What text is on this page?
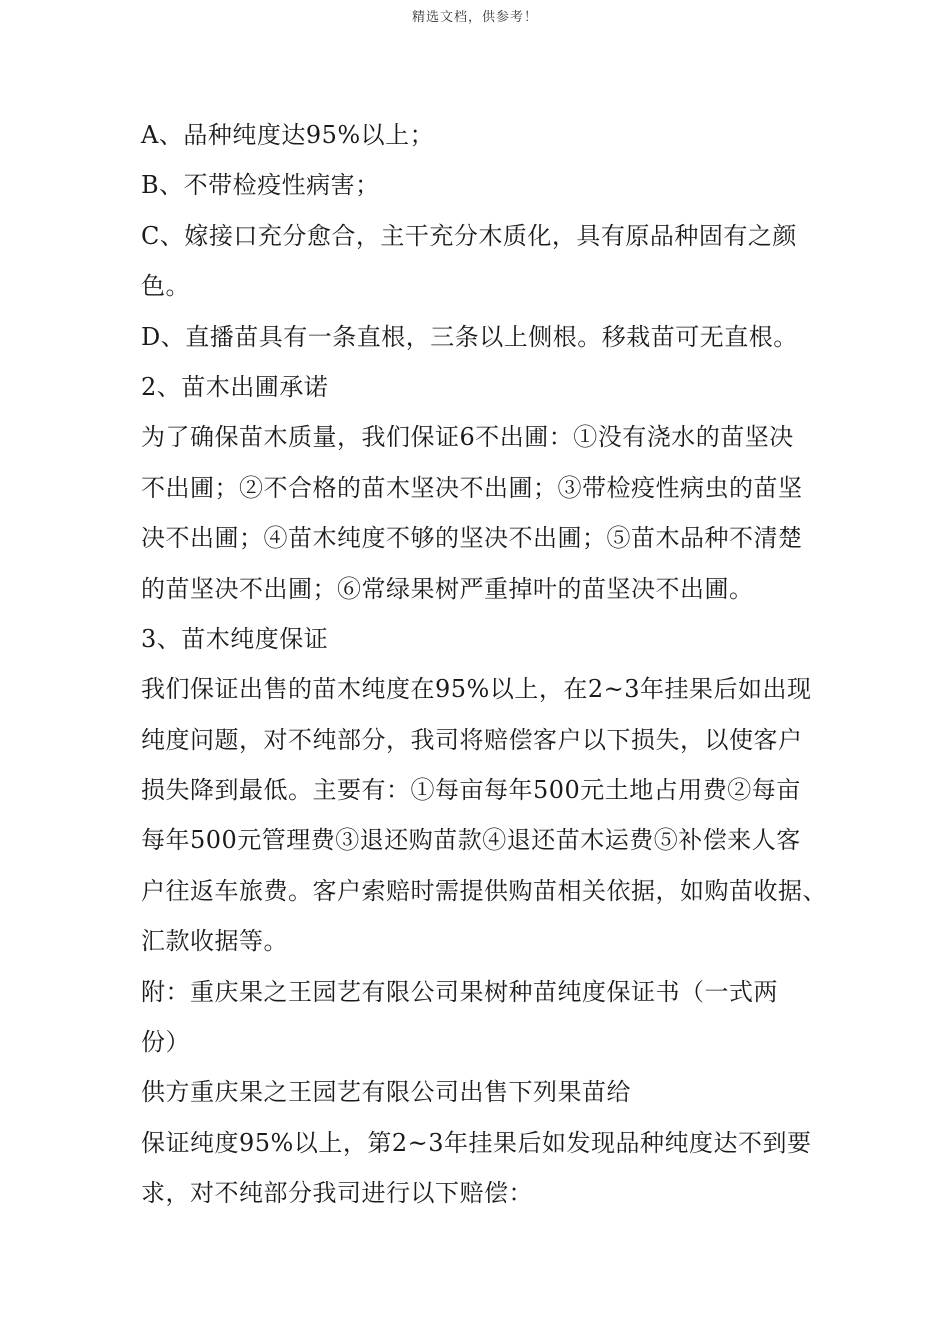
精选文档，供参考！
A、品种纯度达95%以上；
B、不带检疫性病害；
C、嫁接口充分愈合，主干充分木质化，具有原品种固有之颜
色。
D、直播苗具有一条直根，三条以上侧根。移栽苗可无直根。
2、苗木出圃承诺
为了确保苗木质量，我们保证6不出圃：①没有浇水的苗坚决
不出圃；②不合格的苗木坚决不出圃；③带检疫性病虫的苗坚
决不出圃；④苗木纯度不够的坚决不出圃；⑤苗木品种不清楚
的苗坚决不出圃；⑥常绿果树严重掉叶的苗坚决不出圃。
3、苗木纯度保证
我们保证出售的苗木纯度在95%以上，在2~3年挂果后如出现
纯度问题，对不纯部分，我司将赔偿客户以下损失，以使客户
损失降到最低。主要有：①每亩每年500元土地占用费②每亩
每年500元管理费③退还购苗款④退还苗木运费⑤补偿来人客
户往返车旅费。客户索赔时需提供购苗相关依据，如购苗收据、
汇款收据等。
附：重庆果之王园艺有限公司果树种苗纯度保证书（一式两
份）
供方重庆果之王园艺有限公司出售下列果苗给
保证纯度95%以上，第2~3年挂果后如发现品种纯度达不到要
求，对不纯部分我司进行以下赔偿：
